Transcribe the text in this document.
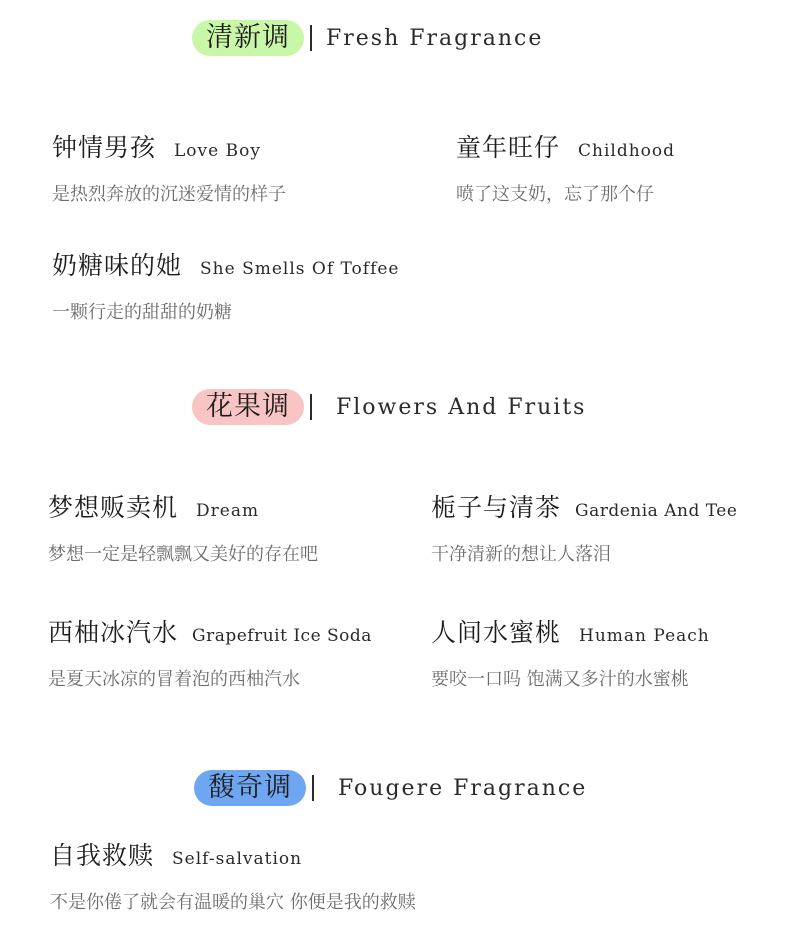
清新调	Fresh Fragrance
钟情男孩 Love Boy
是热烈奔放的沉迷爱情的样子
童年旺仔 Childhood
喷了这支奶，忘了那个仔
奶糖味的她 She Smells Of Toffee
一颗行走的甜甜的奶糖
花果调	Flowers And Fruits
梦想贩卖机 Dream
梦想一定是轻飘飘又美好的存在吧
栀子与清茶 Gardenia And Tee
干净清新的想让人落泪
西柚冰汽水 Grapefruit Ice Soda
是夏天冰凉的冒着泡的西柚汽水
人间水蜜桃 Human Peach
要咬一口吗 饱满又多汁的水蜜桃
馥奇调	Fougere Fragrance
自我救赎 Self-salvation
不是你倦了就会有温暖的巢穴 你便是我的救赎
